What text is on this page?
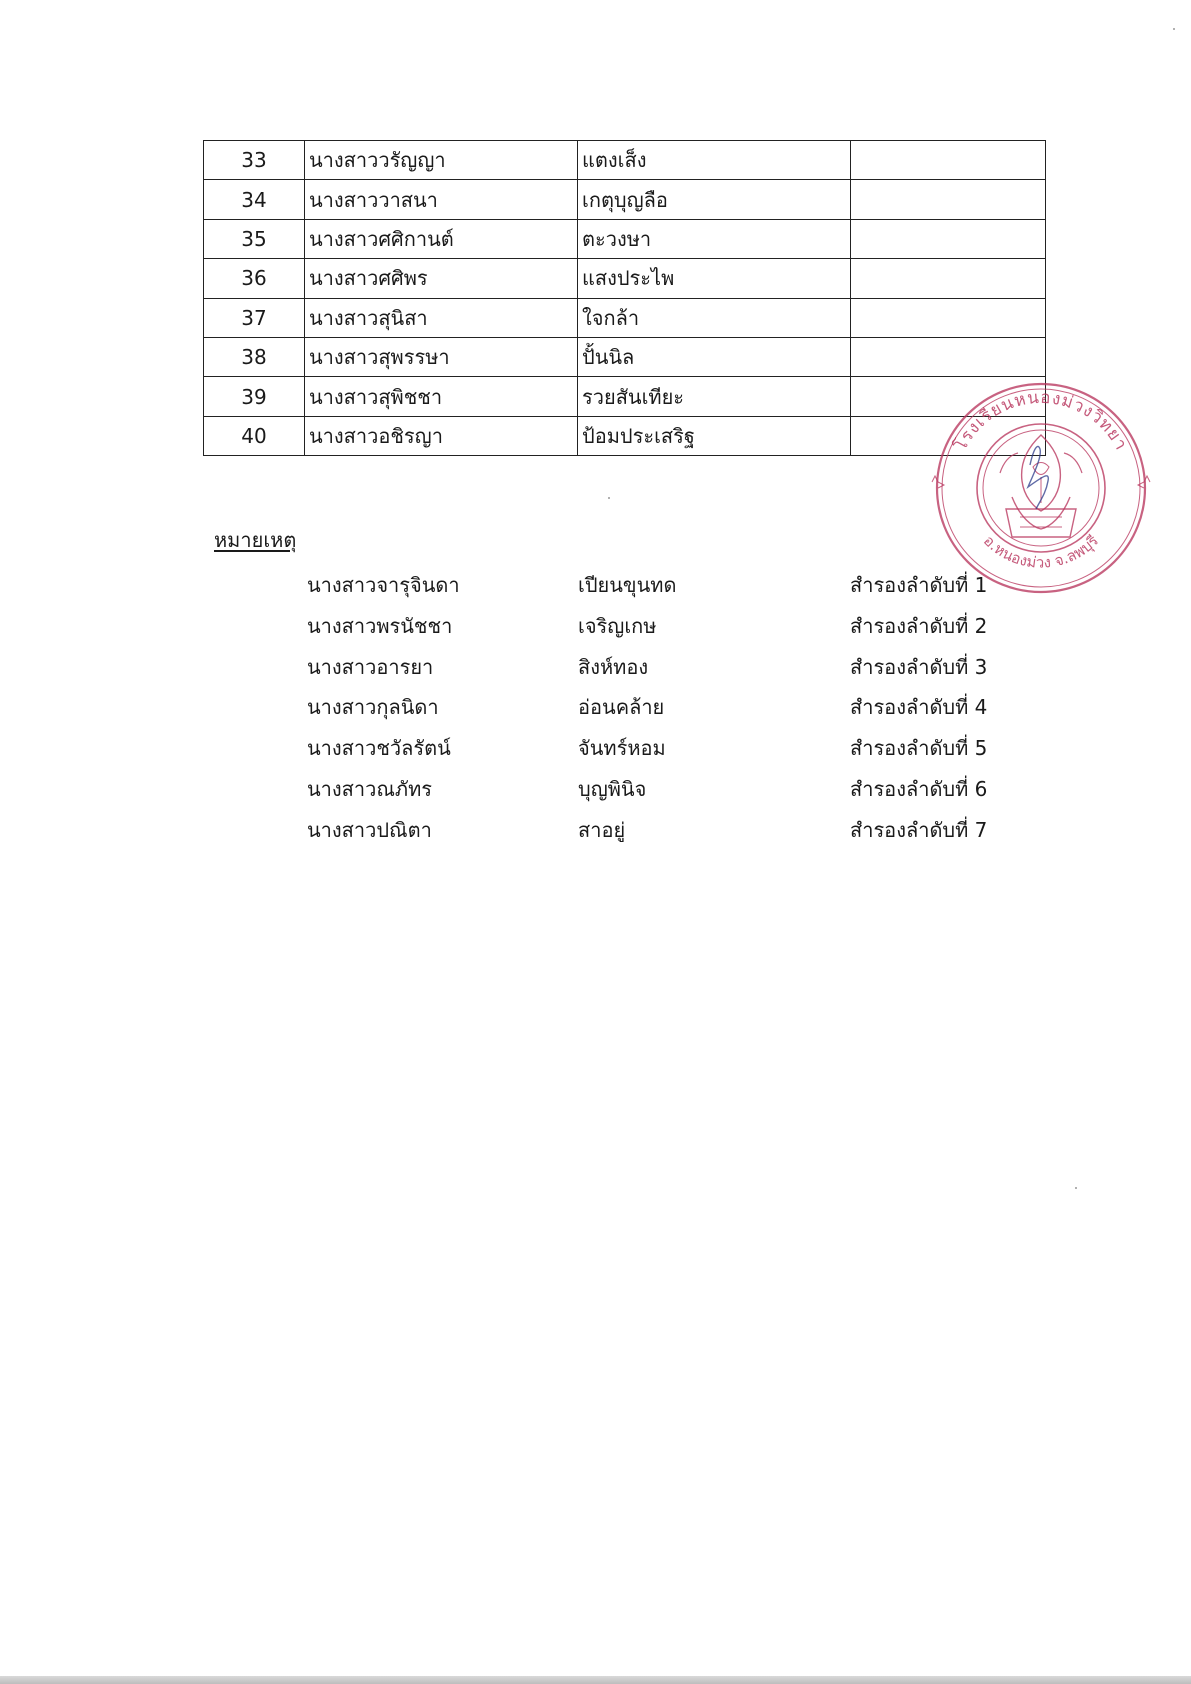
33	นางสาววรัญญา	แตงเส็ง	
34	นางสาววาสนา	เกตุบุญลือ	
35	นางสาวศศิกานต์	ตะวงษา	
36	นางสาวศศิพร	แสงประไพ	
37	นางสาวสุนิสา	ใจกล้า	
38	นางสาวสุพรรษา	ปั้นนิล	
39	นางสาวสุพิชชา	รวยสันเทียะ	
40	นางสาวอชิรญา	ป้อมประเสริฐ	
หมายเหตุ
นางสาวจารุจินดา	เปียนขุนทด	สำรองลำดับที่ 1
นางสาวพรนัชชา	เจริญเกษ	สำรองลำดับที่ 2
นางสาวอารยา	สิงห์ทอง	สำรองลำดับที่ 3
นางสาวกุลนิดา	อ่อนคล้าย	สำรองลำดับที่ 4
นางสาวชวัลรัตน์	จันทร์หอม	สำรองลำดับที่ 5
นางสาวณภัทร	บุญพินิจ	สำรองลำดับที่ 6
นางสาวปณิตา	สาอยู่	สำรองลำดับที่ 7
โรงเรียนหนองม่วงวิทยา
อ.หนองม่วง จ.ลพบุรี
